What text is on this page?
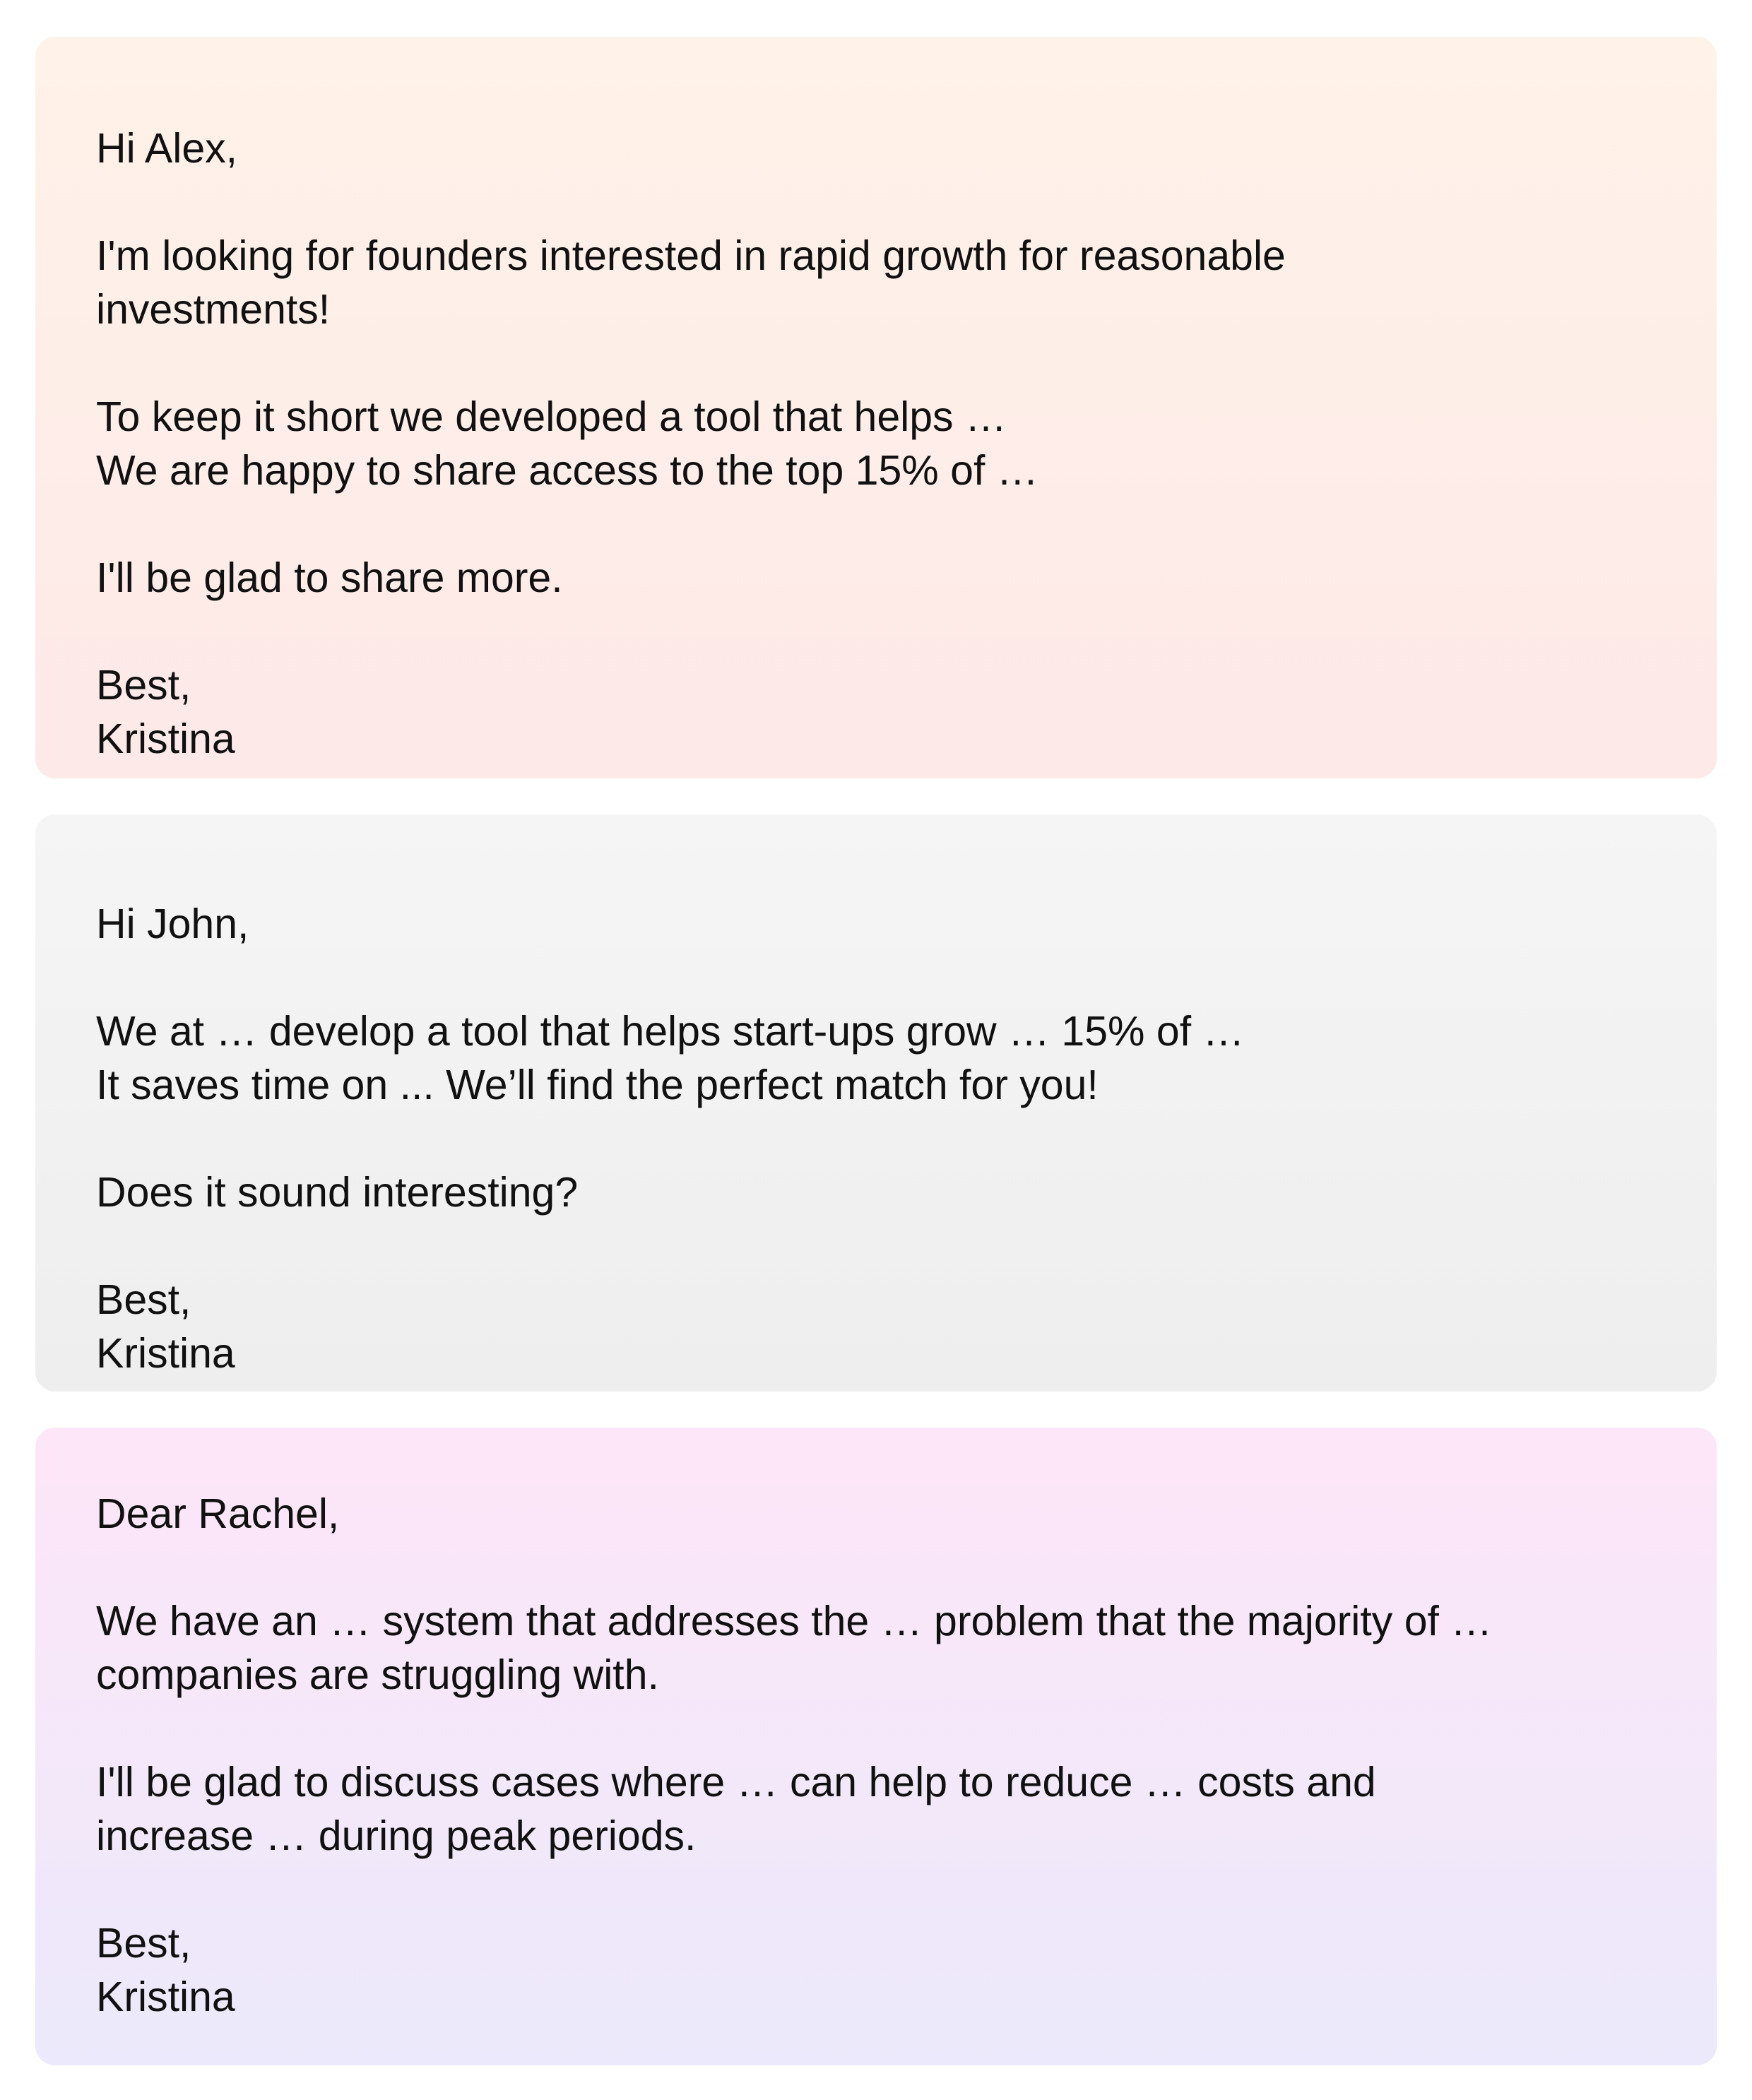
Hi Alex,

I'm looking for founders interested in rapid growth for reasonable

investments!

To keep it short we developed a tool that helps …

We are happy to share access to the top 15% of …

I'll be glad to share more.

Best,

Kristina

Hi John,

We at … develop a tool that helps start-ups grow … 15% of …

It saves time on ... We’ll find the perfect match for you!

Does it sound interesting?

Best,

Kristina

Dear Rachel,

We have an … system that addresses the … problem that the majority of …

companies are struggling with.

I'll be glad to discuss cases where … can help to reduce … costs and

increase … during peak periods.

Best,

Kristina
